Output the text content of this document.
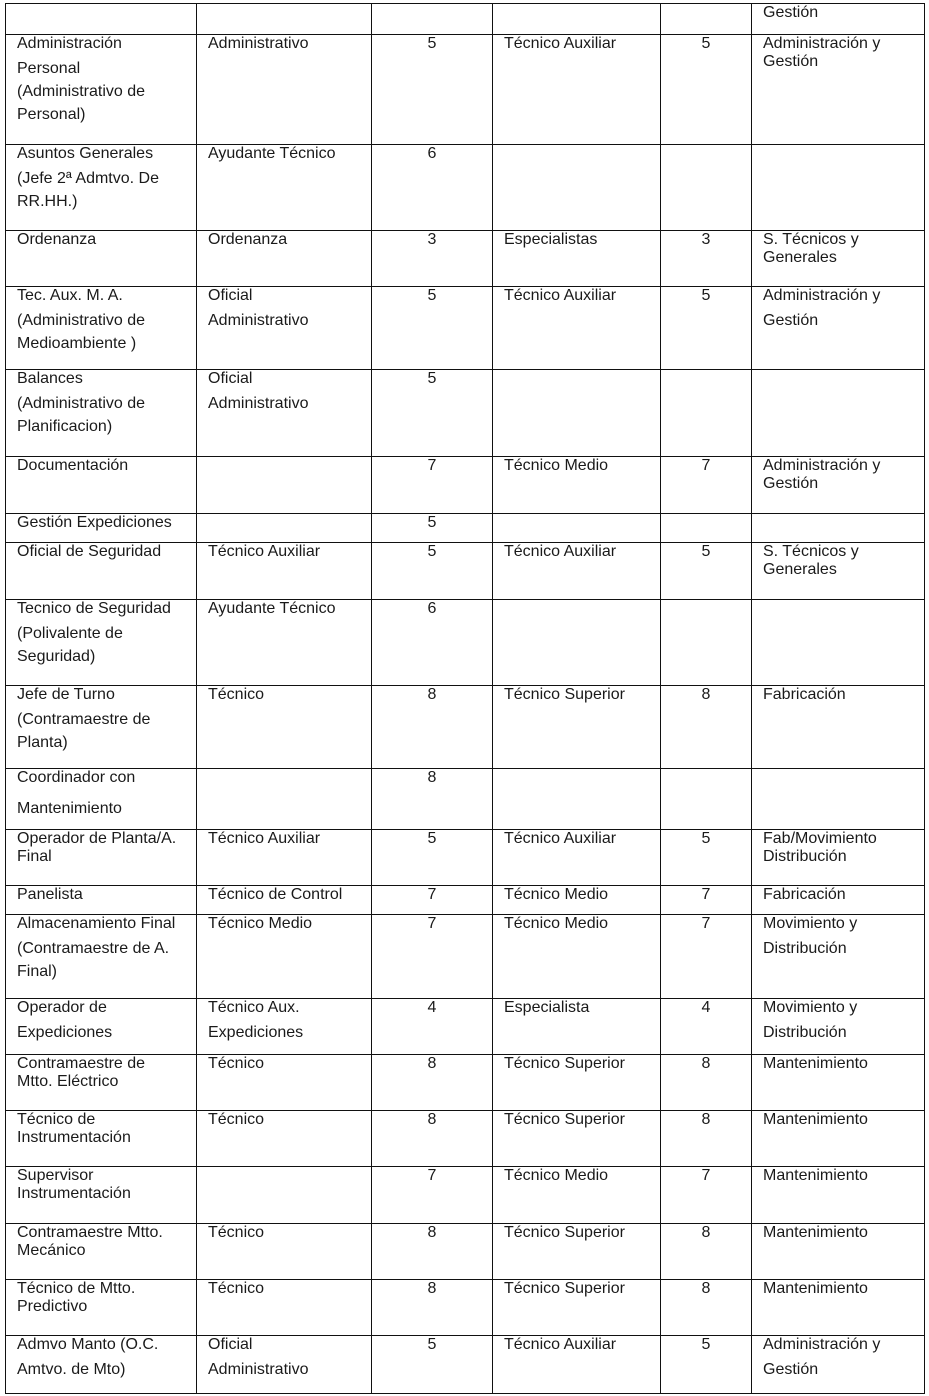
					Gestión

Administración
Personal
(Administrativo de
Personal)	Administrativo	5	Técnico Auxiliar	5	Administración y
Gestión

Asuntos Generales
(Jefe 2ª Admtvo. De
RR.HH.)	Ayudante Técnico	6			

Ordenanza	Ordenanza	3	Especialistas	3	S. Técnicos y
Generales

Tec. Aux. M. A.
(Administrativo de
Medioambiente )	Oficial
Administrativo	5	Técnico Auxiliar	5	Administración y
Gestión

Balances
(Administrativo de
Planificacion)	Oficial
Administrativo	5			

Documentación		7	Técnico Medio	7	Administración y
Gestión

Gestión Expediciones		5			

Oficial de Seguridad	Técnico Auxiliar	5	Técnico Auxiliar	5	S. Técnicos y
Generales

Tecnico de Seguridad
(Polivalente de
Seguridad)	Ayudante Técnico	6			

Jefe de Turno
(Contramaestre de
Planta)	Técnico	8	Técnico Superior	8	Fabricación

Coordinador con
Mantenimiento		8			

Operador de Planta/A.
Final	Técnico Auxiliar	5	Técnico Auxiliar	5	Fab/Movimiento
Distribución

Panelista	Técnico de Control	7	Técnico Medio	7	Fabricación

Almacenamiento Final
(Contramaestre de A.
Final)	Técnico Medio	7	Técnico Medio	7	Movimiento y
Distribución

Operador de
Expediciones	Técnico Aux.
Expediciones	4	Especialista	4	Movimiento y
Distribución

Contramaestre de
Mtto. Eléctrico	Técnico	8	Técnico Superior	8	Mantenimiento

Técnico de
Instrumentación	Técnico	8	Técnico Superior	8	Mantenimiento

Supervisor
Instrumentación		7	Técnico Medio	7	Mantenimiento

Contramaestre Mtto.
Mecánico	Técnico	8	Técnico Superior	8	Mantenimiento

Técnico de Mtto.
Predictivo	Técnico	8	Técnico Superior	8	Mantenimiento

Admvo Manto (O.C.
Amtvo. de Mto)	Oficial
Administrativo	5	Técnico Auxiliar	5	Administración y
Gestión
